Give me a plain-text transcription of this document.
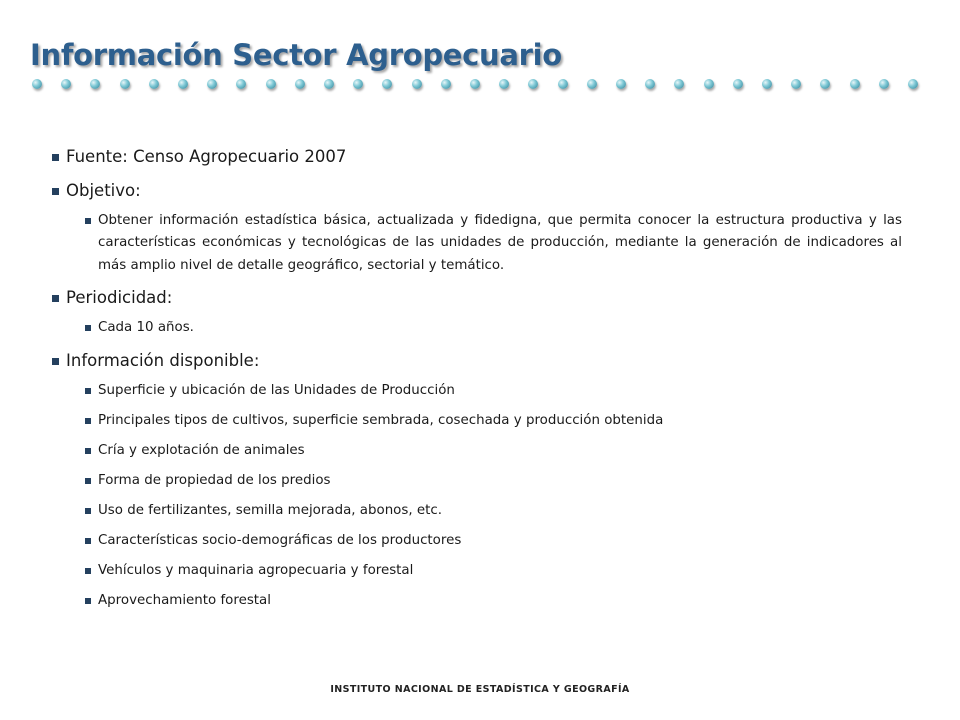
Información Sector Agropecuario
Fuente: Censo Agropecuario 2007
Objetivo:
Obtener información estadística básica, actualizada y fidedigna, que permita conocer la estructura productiva y las características económicas y tecnológicas de las unidades de producción, mediante la generación de indicadores al más amplio nivel de detalle geográfico, sectorial y temático.
Periodicidad:
Cada 10 años.
Información disponible:
Superficie y ubicación de las Unidades de Producción
Principales tipos de cultivos, superficie sembrada, cosechada y producción obtenida
Cría y explotación de animales
Forma de propiedad de los predios
Uso de fertilizantes, semilla mejorada, abonos, etc.
Características socio-demográficas de los productores
Vehículos y maquinaria agropecuaria y forestal
Aprovechamiento forestal
INSTITUTO NACIONAL DE ESTADÍSTICA Y GEOGRAFÍA
